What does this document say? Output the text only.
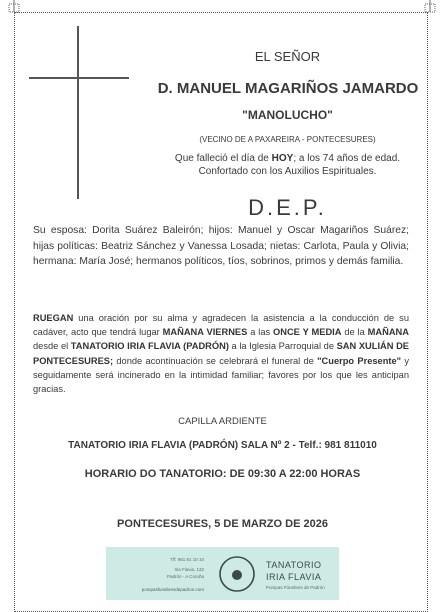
EL SEÑOR
D. MANUEL MAGARIÑOS JAMARDO
"MANOLUCHO"
(VECINO DE A PAXAREIRA - PONTECESURES)
Que falleció el día de HOY; a los 74 años de edad.
Confortado con los Auxilios Espirituales.
D.E.P.
Su esposa: Dorita Suárez Baleirón; hijos: Manuel y Oscar Magariños Suárez; hijas políticas: Beatriz Sánchez y Vanessa Losada; nietas: Carlota, Paula y Olivia; hermana: María José; hermanos políticos, tíos, sobrinos, primos y demás familia.
RUEGAN una oración por su alma y agradecen la asistencia a la conducción de su cadáver, acto que tendrá lugar MAÑANA VIERNES a las ONCE Y MEDIA de la MAÑANA desde el TANATORIO IRIA FLAVIA (PADRÓN) a la Iglesia Parroquial de SAN XULIÁN DE PONTECESURES; donde acontinuación se celebrará el funeral de "Cuerpo Presente" y seguidamente será incinerado en la intimidad familiar; favores por los que les anticipan gracias.
CAPILLA ARDIENTE
TANATORIO IRIA FLAVIA (PADRÓN) SALA Nº 2 - Telf.: 981 811010
HORARIO DO TANATORIO: DE 09:30 A 22:00 HORAS
PONTECESURES, 5 DE MARZO DE 2026
Tlf: 981 81 10 10
Iria Flavia, 132
Padrón - A Coruña
pompasfunebresdepadron.com
TANATORIO
IRIA FLAVIA
Pompas Fúnebres de Padrón
